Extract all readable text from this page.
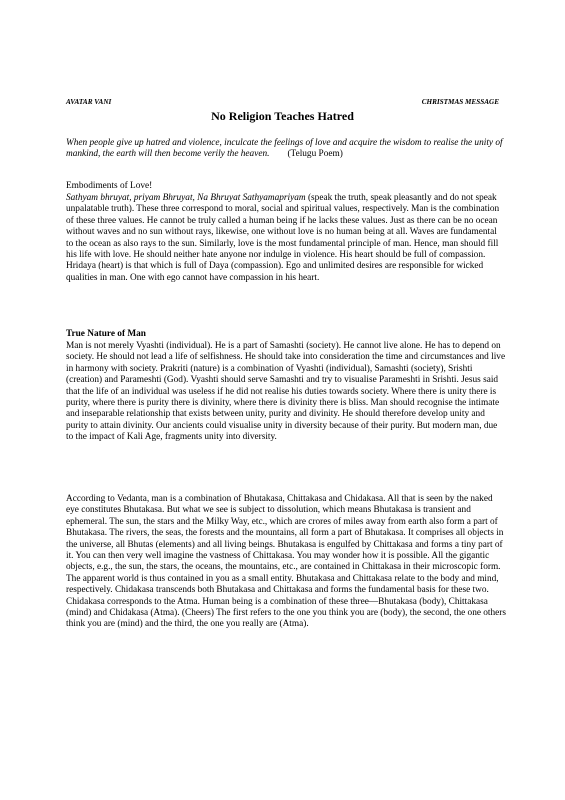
AVATAR VANI	CHRISTMAS MESSAGE
No Religion Teaches Hatred

When people give up hatred and violence, inculcate the feelings of love and acquire the wisdom to realise the unity of mankind, the earth will then become verily the heaven. (Telugu Poem)

Embodiments of Love!

Sathyam bhruyat, priyam Bhruyat, Na Bhruyat Sathyamapriyam (speak the truth, speak pleasantly and do not speak unpalatable truth). These three correspond to moral, social and spiritual values, respectively. Man is the combination of these three values. He cannot be truly called a human being if he lacks these values. Just as there can be no ocean without waves and no sun without rays, likewise, one without love is no human being at all. Waves are fundamental to the ocean as also rays to the sun. Similarly, love is the most fundamental principle of man. Hence, man should fill his life with love. He should neither hate anyone nor indulge in violence. His heart should be full of compassion. Hridaya (heart) is that which is full of Daya (compassion). Ego and unlimited desires are responsible for wicked qualities in man. One with ego cannot have compassion in his heart.

True Nature of Man

Man is not merely Vyashti (individual). He is a part of Samashti (society). He cannot live alone. He has to depend on society. He should not lead a life of selfishness. He should take into consideration the time and circumstances and live in harmony with society. Prakriti (nature) is a combination of Vyashti (individual), Samashti (society), Srishti (creation) and Parameshti (God). Vyashti should serve Samashti and try to visualise Parameshti in Srishti. Jesus said that the life of an individual was useless if he did not realise his duties towards society. Where there is unity there is purity, where there is purity there is divinity, where there is divinity there is bliss. Man should recognise the intimate and inseparable relationship that exists between unity, purity and divinity. He should therefore develop unity and purity to attain divinity. Our ancients could visualise unity in diversity because of their purity. But modern man, due to the impact of Kali Age, fragments unity into diversity.

According to Vedanta, man is a combination of Bhutakasa, Chittakasa and Chidakasa. All that is seen by the naked eye constitutes Bhutakasa. But what we see is subject to dissolution, which means Bhutakasa is transient and ephemeral. The sun, the stars and the Milky Way, etc., which are crores of miles away from earth also form a part of Bhutakasa. The rivers, the seas, the forests and the mountains, all form a part of Bhutakasa. It comprises all objects in the universe, all Bhutas (elements) and all living beings. Bhutakasa is engulfed by Chittakasa and forms a tiny part of it. You can then very well imagine the vastness of Chittakasa. You may wonder how it is possible. All the gigantic objects, e.g., the sun, the stars, the oceans, the mountains, etc., are contained in Chittakasa in their microscopic form. The apparent world is thus contained in you as a small entity. Bhutakasa and Chittakasa relate to the body and mind, respectively. Chidakasa transcends both Bhutakasa and Chittakasa and forms the fundamental basis for these two. Chidakasa corresponds to the Atma. Human being is a combination of these three—Bhutakasa (body), Chittakasa (mind) and Chidakasa (Atma). (Cheers) The first refers to the one you think you are (body), the second, the one others think you are (mind) and the third, the one you really are (Atma).
